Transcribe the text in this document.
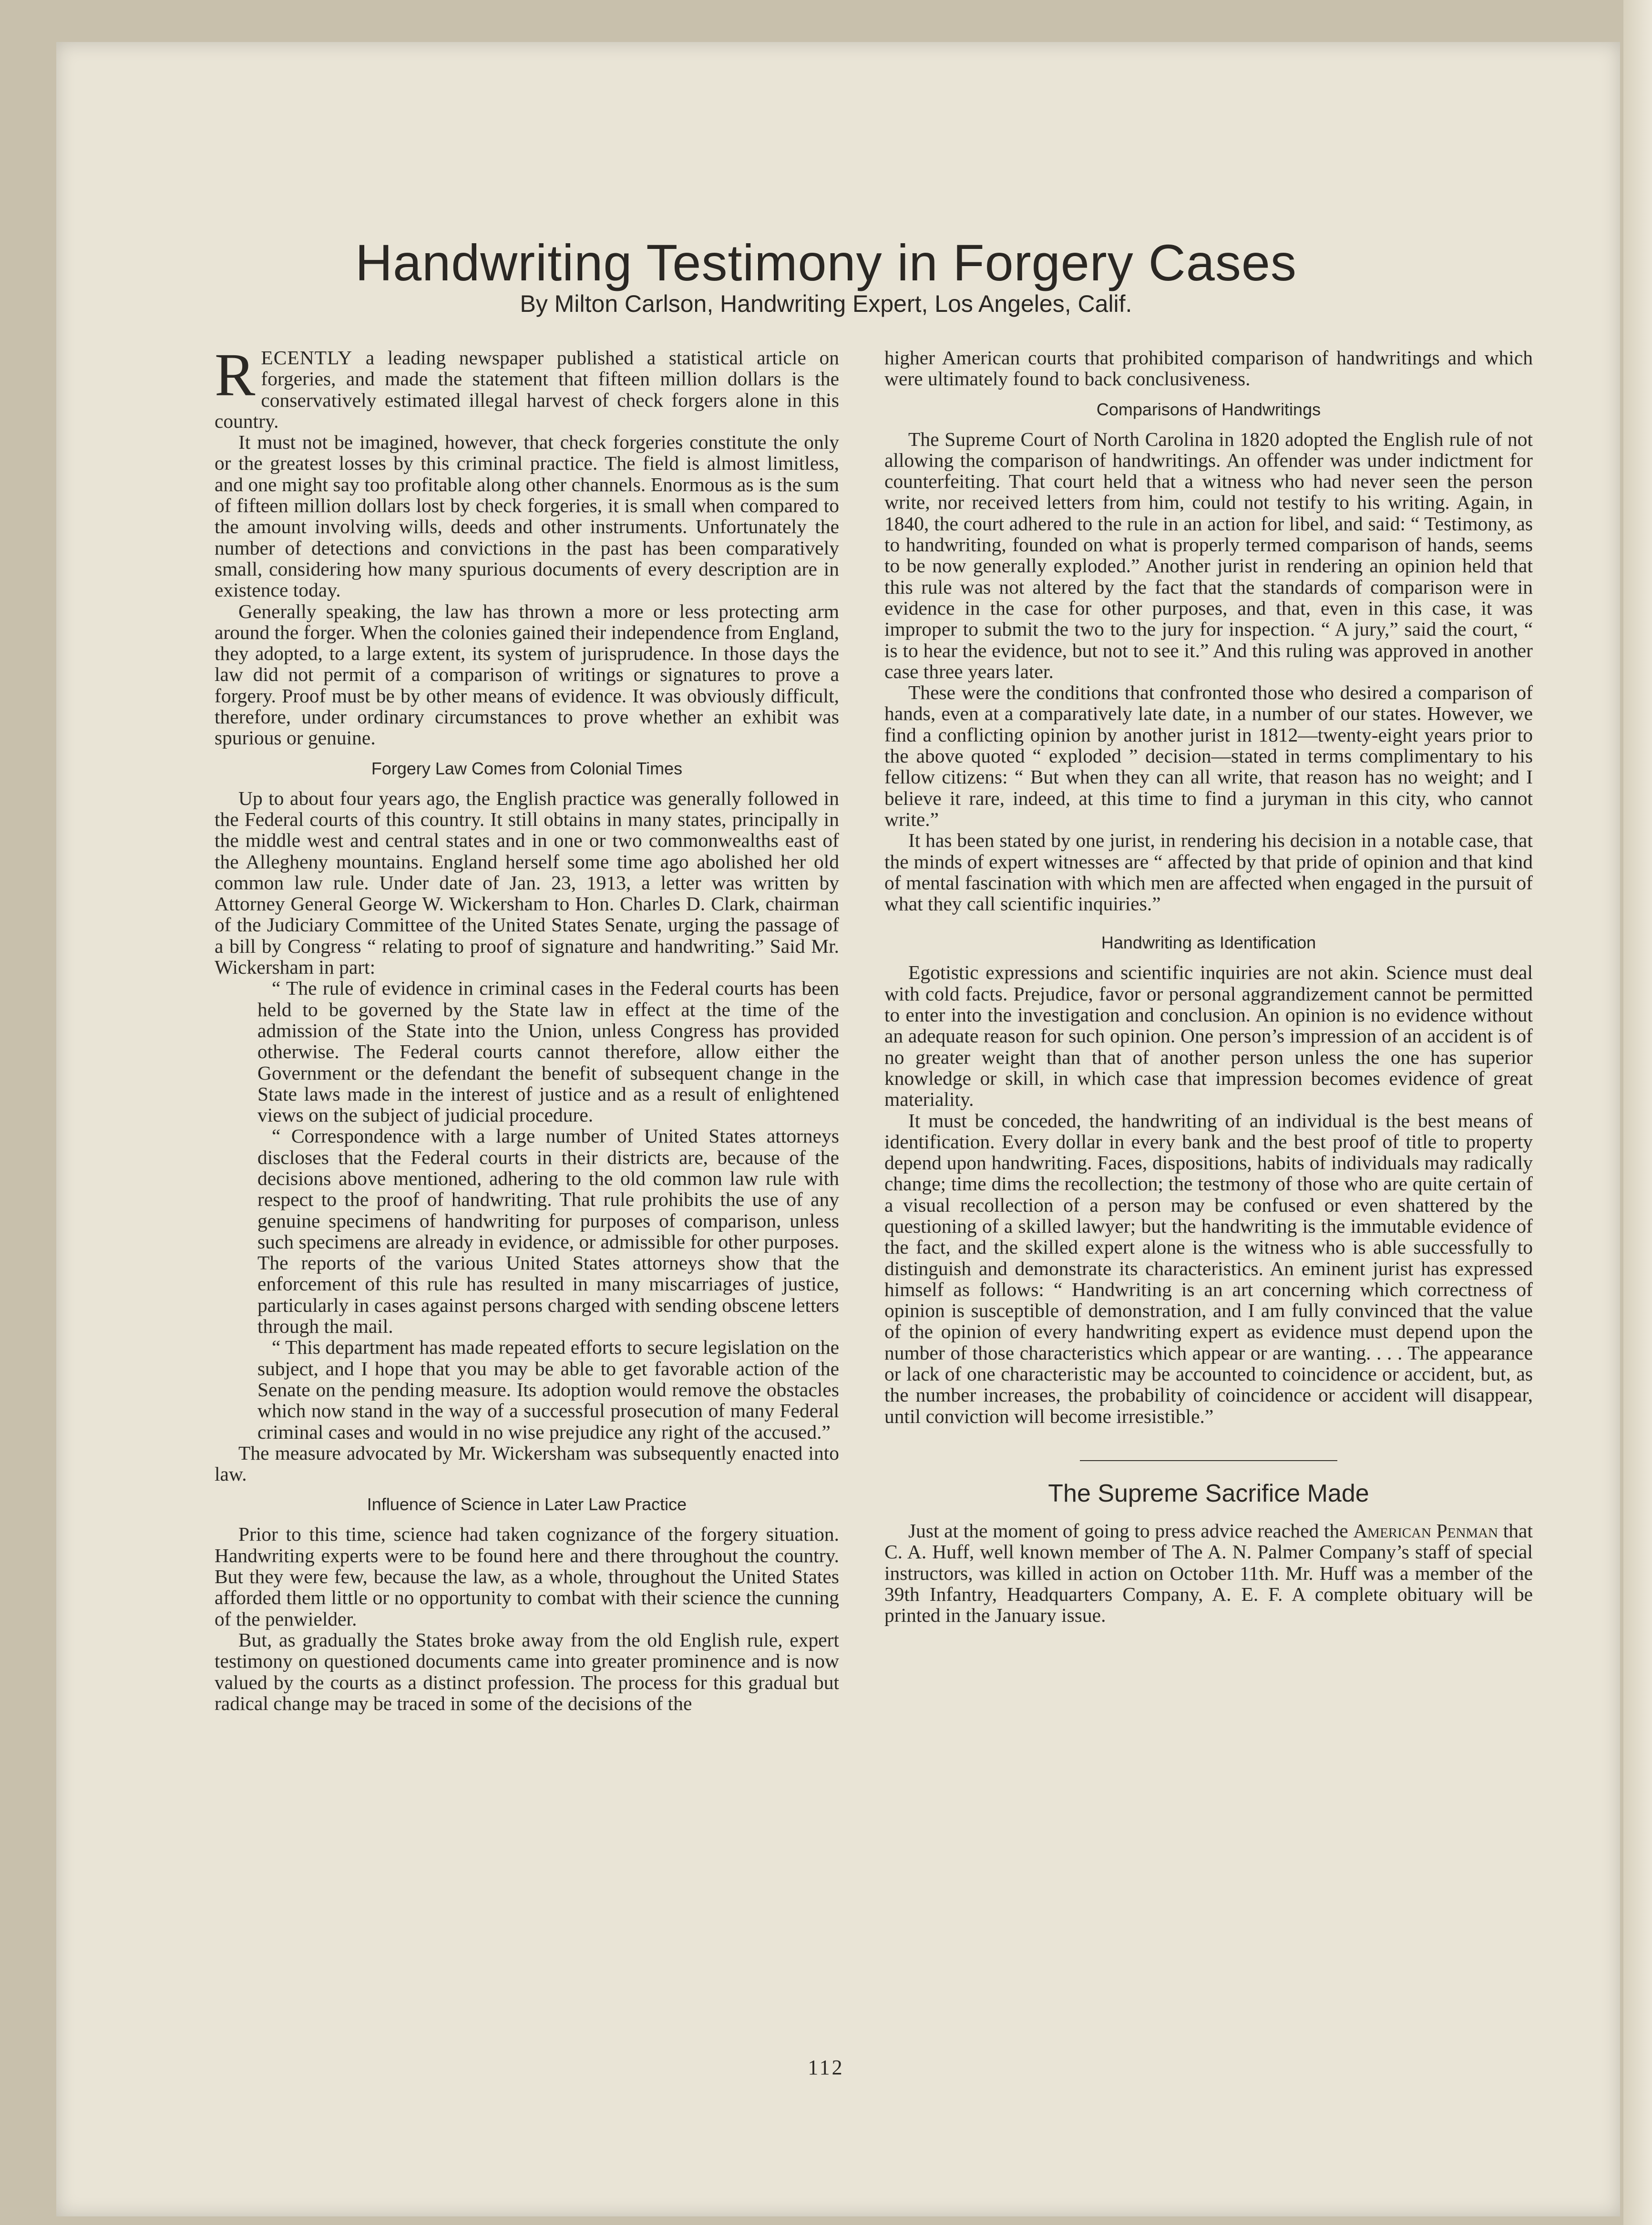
Handwriting Testimony in Forgery Cases
By Milton Carlson, Handwriting Expert, Los Angeles, Calif.

RECENTLY a leading newspaper published a statistical article on forgeries, and made the statement that fifteen million dollars is the conservatively estimated illegal harvest of check forgers alone in this country.

It must not be imagined, however, that check forgeries constitute the only or the greatest losses by this criminal practice. The field is almost limitless, and one might say too profitable along other channels. Enormous as is the sum of fifteen million dollars lost by check forgeries, it is small when compared to the amount involving wills, deeds and other instruments. Unfortunately the number of detections and convictions in the past has been comparatively small, considering how many spurious documents of every description are in existence today.

Generally speaking, the law has thrown a more or less protecting arm around the forger. When the colonies gained their independence from England, they adopted, to a large extent, its system of jurisprudence. In those days the law did not permit of a comparison of writings or signatures to prove a forgery. Proof must be by other means of evidence. It was obviously difficult, therefore, under ordinary circumstances to prove whether an exhibit was spurious or genuine.

Forgery Law Comes from Colonial Times

Up to about four years ago, the English practice was generally followed in the Federal courts of this country. It still obtains in many states, principally in the middle west and central states and in one or two commonwealths east of the Allegheny mountains. England herself some time ago abolished her old common law rule. Under date of Jan. 23, 1913, a letter was written by Attorney General George W. Wickersham to Hon. Charles D. Clark, chairman of the Judiciary Committee of the United States Senate, urging the passage of a bill by Congress “ relating to proof of signature and handwriting.” Said Mr. Wickersham in part:

“ The rule of evidence in criminal cases in the Federal courts has been held to be governed by the State law in effect at the time of the admission of the State into the Union, unless Congress has provided otherwise. The Federal courts cannot therefore, allow either the Government or the defendant the benefit of subsequent change in the State laws made in the interest of justice and as a result of enlightened views on the subject of judicial procedure.

“ Correspondence with a large number of United States attorneys discloses that the Federal courts in their districts are, because of the decisions above mentioned, adhering to the old common law rule with respect to the proof of handwriting. That rule prohibits the use of any genuine specimens of handwriting for purposes of comparison, unless such specimens are already in evidence, or admissible for other purposes. The reports of the various United States attorneys show that the enforcement of this rule has resulted in many miscarriages of justice, particularly in cases against persons charged with sending obscene letters through the mail.

“ This department has made repeated efforts to secure legislation on the subject, and I hope that you may be able to get favorable action of the Senate on the pending measure. Its adoption would remove the obstacles which now stand in the way of a successful prosecution of many Federal criminal cases and would in no wise prejudice any right of the accused.”

The measure advocated by Mr. Wickersham was subsequently enacted into law.

Influence of Science in Later Law Practice

Prior to this time, science had taken cognizance of the forgery situation. Handwriting experts were to be found here and there throughout the country. But they were few, because the law, as a whole, throughout the United States afforded them little or no opportunity to combat with their science the cunning of the penwielder.

But, as gradually the States broke away from the old English rule, expert testimony on questioned documents came into greater prominence and is now valued by the courts as a distinct profession. The process for this gradual but radical change may be traced in some of the decisions of the

higher American courts that prohibited comparison of handwritings and which were ultimately found to back conclusiveness.

Comparisons of Handwritings

The Supreme Court of North Carolina in 1820 adopted the English rule of not allowing the comparison of handwritings. An offender was under indictment for counterfeiting. That court held that a witness who had never seen the person write, nor received letters from him, could not testify to his writing. Again, in 1840, the court adhered to the rule in an action for libel, and said: “ Testimony, as to handwriting, founded on what is properly termed comparison of hands, seems to be now generally exploded.” Another jurist in rendering an opinion held that this rule was not altered by the fact that the standards of comparison were in evidence in the case for other purposes, and that, even in this case, it was improper to submit the two to the jury for inspection. “ A jury,” said the court, “ is to hear the evidence, but not to see it.” And this ruling was approved in another case three years later.

These were the conditions that confronted those who desired a comparison of hands, even at a comparatively late date, in a number of our states. However, we find a conflicting opinion by another jurist in 1812—twenty-eight years prior to the above quoted “ exploded ” decision—stated in terms complimentary to his fellow citizens: “ But when they can all write, that reason has no weight; and I believe it rare, indeed, at this time to find a juryman in this city, who cannot write.”

It has been stated by one jurist, in rendering his decision in a notable case, that the minds of expert witnesses are “ affected by that pride of opinion and that kind of mental fascination with which men are affected when engaged in the pursuit of what they call scientific inquiries.”

Handwriting as Identification

Egotistic expressions and scientific inquiries are not akin. Science must deal with cold facts. Prejudice, favor or personal aggrandizement cannot be permitted to enter into the investigation and conclusion. An opinion is no evidence without an adequate reason for such opinion. One person’s impression of an accident is of no greater weight than that of another person unless the one has superior knowledge or skill, in which case that impression becomes evidence of great materiality.

It must be conceded, the handwriting of an individual is the best means of identification. Every dollar in every bank and the best proof of title to property depend upon handwriting. Faces, dispositions, habits of individuals may radically change; time dims the recollection; the testmony of those who are quite certain of a visual recollection of a person may be confused or even shattered by the questioning of a skilled lawyer; but the handwriting is the immutable evidence of the fact, and the skilled expert alone is the witness who is able successfully to distinguish and demonstrate its characteristics. An eminent jurist has expressed himself as follows: “ Handwriting is an art concerning which correctness of opinion is susceptible of demonstration, and I am fully convinced that the value of the opinion of every handwriting expert as evidence must depend upon the number of those characteristics which appear or are wanting. . . . The appearance or lack of one characteristic may be accounted to coincidence or accident, but, as the number increases, the probability of coincidence or accident will disappear, until conviction will become irresistible.”

The Supreme Sacrifice Made

Just at the moment of going to press advice reached the American Penman that C. A. Huff, well known member of The A. N. Palmer Company’s staff of special instructors, was killed in action on October 11th. Mr. Huff was a member of the 39th Infantry, Headquarters Company, A. E. F. A complete obituary will be printed in the January issue.

112
